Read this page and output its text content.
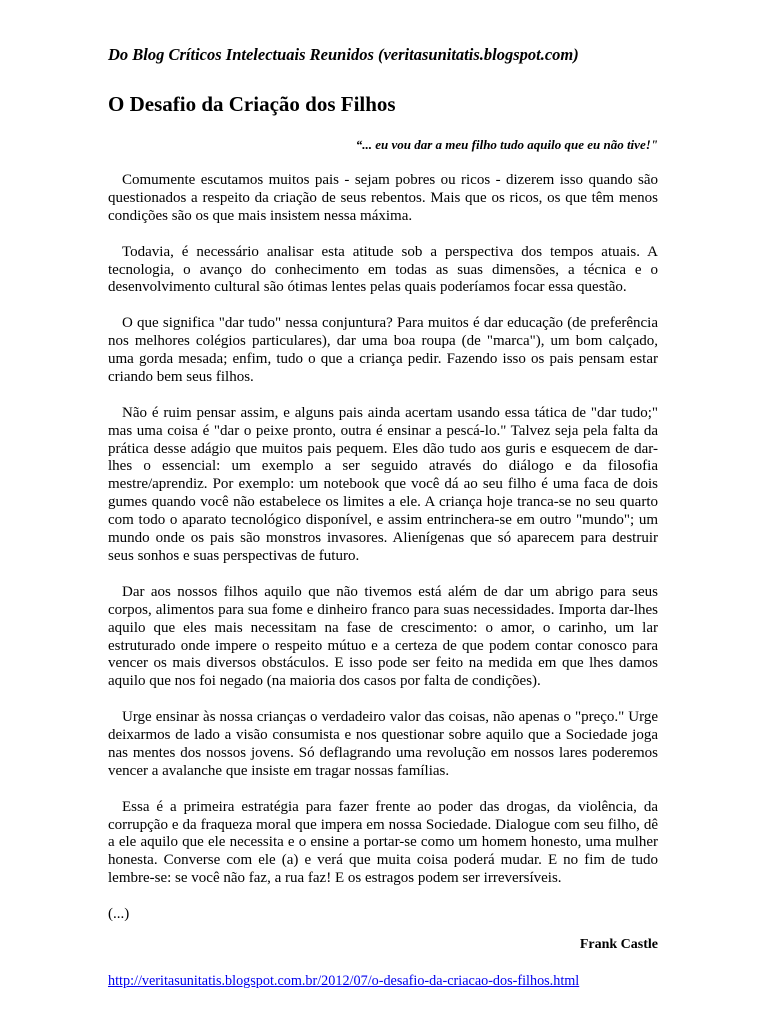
Do Blog Críticos Intelectuais Reunidos (veritasunitatis.blogspot.com)
O Desafio da Criação dos Filhos
“... eu vou dar a meu filho tudo aquilo que eu não tive!"

Comumente escutamos muitos pais - sejam pobres ou ricos - dizerem isso quando são questionados a respeito da criação de seus rebentos. Mais que os ricos, os que têm menos condições são os que mais insistem nessa máxima.

Todavia, é necessário analisar esta atitude sob a perspectiva dos tempos atuais. A tecnologia, o avanço do conhecimento em todas as suas dimensões, a técnica e o desenvolvimento cultural são ótimas lentes pelas quais poderíamos focar essa questão.

O que significa "dar tudo" nessa conjuntura? Para muitos é dar educação (de preferência nos melhores colégios particulares), dar uma boa roupa (de "marca"), um bom calçado, uma gorda mesada; enfim, tudo o que a criança pedir. Fazendo isso os pais pensam estar criando bem seus filhos.

Não é ruim pensar assim, e alguns pais ainda acertam usando essa tática de "dar tudo;" mas uma coisa é "dar o peixe pronto, outra é ensinar a pescá-lo." Talvez seja pela falta da prática desse adágio que muitos pais pequem. Eles dão tudo aos guris e esquecem de dar-lhes o essencial: um exemplo a ser seguido através do diálogo e da filosofia mestre/aprendiz. Por exemplo: um notebook que você dá ao seu filho é uma faca de dois gumes quando você não estabelece os limites a ele. A criança hoje tranca-se no seu quarto com todo o aparato tecnológico disponível, e assim entrinchera-se em outro "mundo"; um mundo onde os pais são monstros invasores. Alienígenas que só aparecem para destruir seus sonhos e suas perspectivas de futuro.

Dar aos nossos filhos aquilo que não tivemos está além de dar um abrigo para seus corpos, alimentos para sua fome e dinheiro franco para suas necessidades. Importa dar-lhes aquilo que eles mais necessitam na fase de crescimento: o amor, o carinho, um lar estruturado onde impere o respeito mútuo e a certeza de que podem contar conosco para vencer os mais diversos obstáculos. E isso pode ser feito na medida em que lhes damos aquilo que nos foi negado (na maioria dos casos por falta de condições).

Urge ensinar às nossa crianças o verdadeiro valor das coisas, não apenas o "preço." Urge deixarmos de lado a visão consumista e nos questionar sobre aquilo que a Sociedade joga nas mentes dos nossos jovens. Só deflagrando uma revolução em nossos lares poderemos vencer a avalanche que insiste em tragar nossas famílias.

Essa é a primeira estratégia para fazer frente ao poder das drogas, da violência, da corrupção e da fraqueza moral que impera em nossa Sociedade. Dialogue com seu filho, dê a ele aquilo que ele necessita e o ensine a portar-se como um homem honesto, uma mulher honesta. Converse com ele (a) e verá que muita coisa poderá mudar. E no fim de tudo lembre-se: se você não faz, a rua faz! E os estragos podem ser irreversíveis.

(...)

Frank Castle
http://veritasunitatis.blogspot.com.br/2012/07/o-desafio-da-criacao-dos-filhos.html
